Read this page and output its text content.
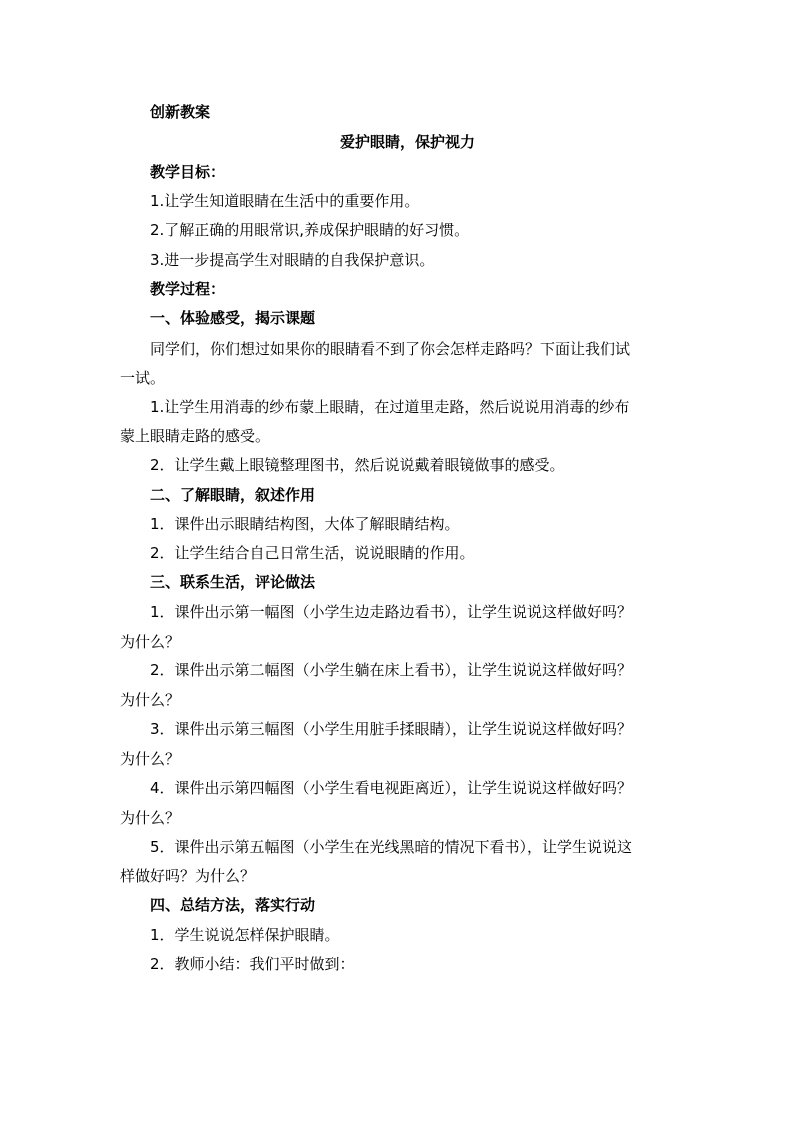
创新教案
爱护眼睛，保护视力
教学目标：
1.让学生知道眼睛在生活中的重要作用。
2.了解正确的用眼常识,养成保护眼睛的好习惯。
3.进一步提高学生对眼睛的自我保护意识。
教学过程：
一、体验感受，揭示课题
同学们，你们想过如果你的眼睛看不到了你会怎样走路吗？下面让我们试
一试。
1.让学生用消毒的纱布蒙上眼睛，在过道里走路，然后说说用消毒的纱布
蒙上眼睛走路的感受。
2．让学生戴上眼镜整理图书，然后说说戴着眼镜做事的感受。
二、了解眼睛，叙述作用
1．课件出示眼睛结构图，大体了解眼睛结构。
2．让学生结合自己日常生活，说说眼睛的作用。
三、联系生活，评论做法
1．课件出示第一幅图（小学生边走路边看书），让学生说说这样做好吗？
为什么？
2．课件出示第二幅图（小学生躺在床上看书），让学生说说这样做好吗？
为什么？
3．课件出示第三幅图（小学生用脏手揉眼睛），让学生说说这样做好吗？
为什么？
4．课件出示第四幅图（小学生看电视距离近），让学生说说这样做好吗？
为什么？
5．课件出示第五幅图（小学生在光线黑暗的情况下看书），让学生说说这
样做好吗？为什么？
四、总结方法，落实行动
1．学生说说怎样保护眼睛。
2．教师小结：我们平时做到：
